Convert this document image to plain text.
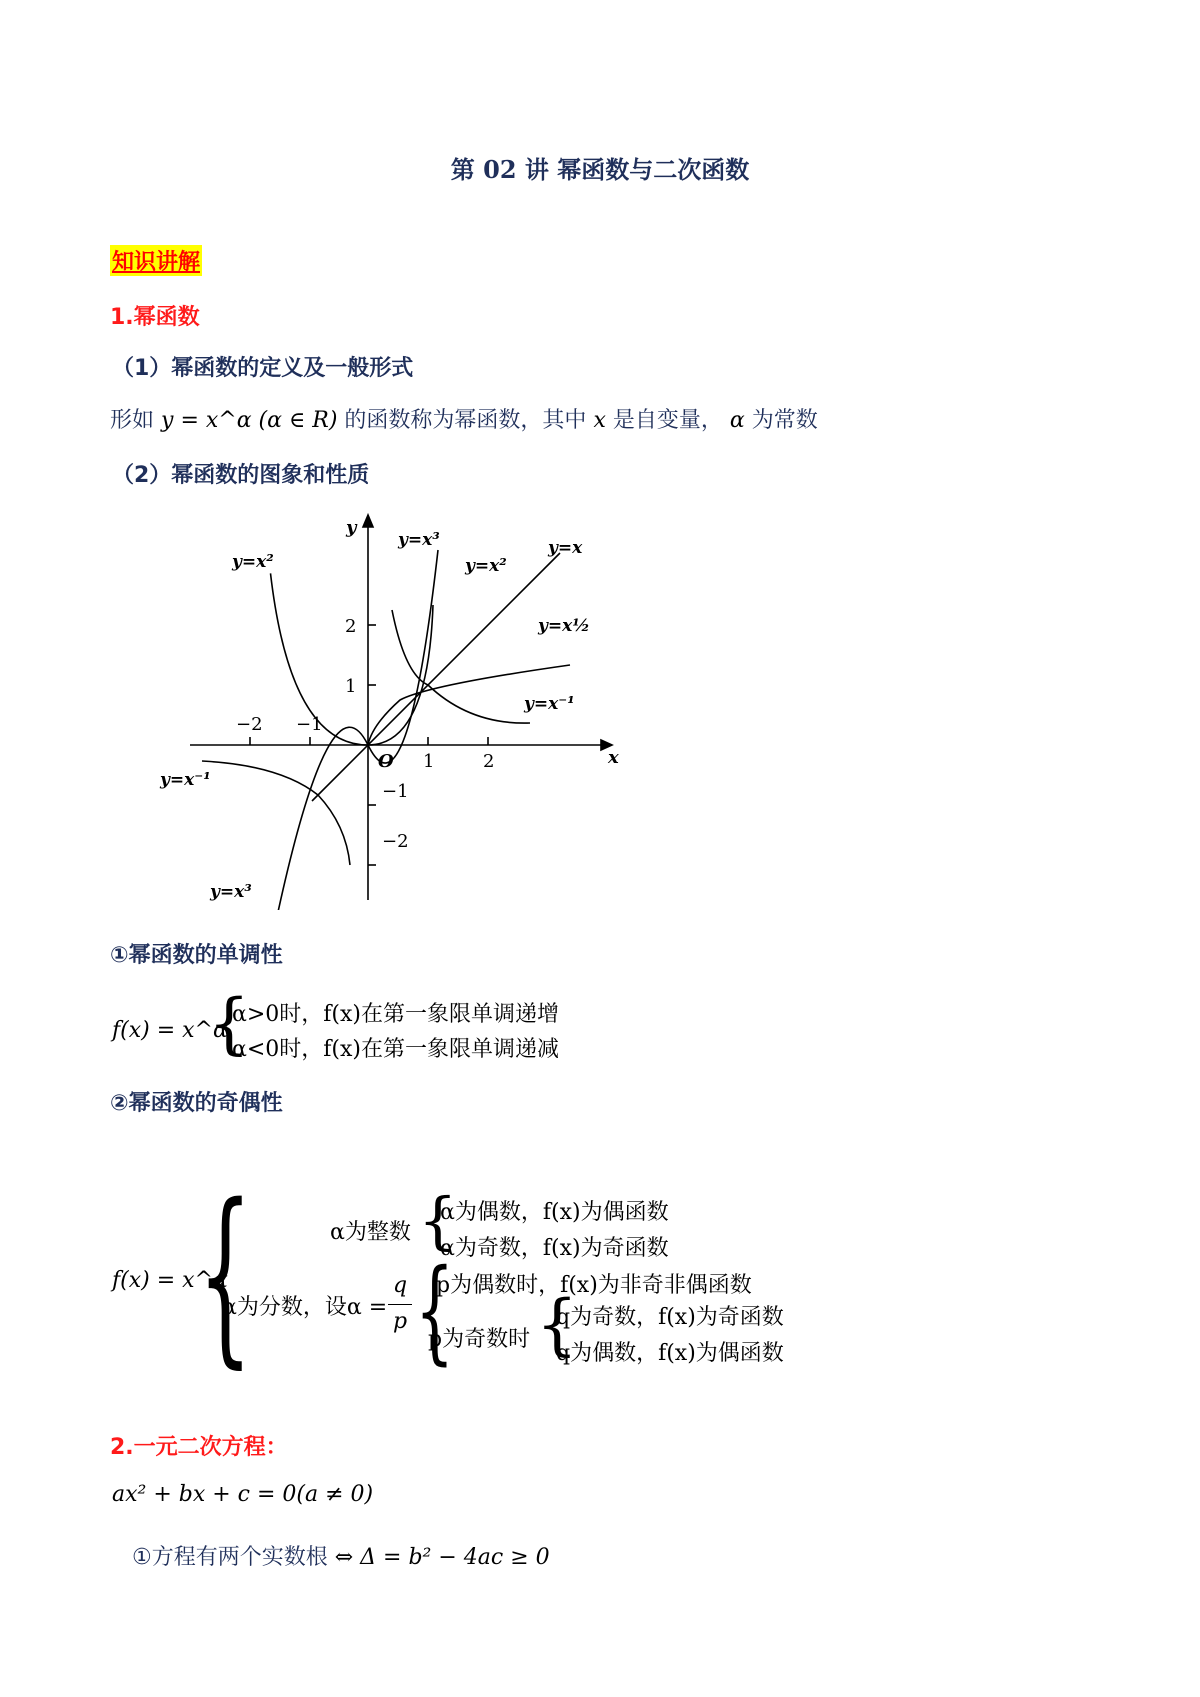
第 02 讲 幂函数与二次函数
知识讲解
1.幂函数
（1）幂函数的定义及一般形式
形如 y = x^α (α ∈ R) 的函数称为幂函数，其中 x 是自变量， α 为常数
（2）幂函数的图象和性质
x
y
O
−2 −1
1	2
2
1
−1
−2
y=x²
y=x³
y=x²
y=x
y=x½
y=x⁻¹
y=x⁻¹
y=x³
①幂函数的单调性
f(x) = x^α
{
α>0时，f(x)在第一象限单调递增
α<0时，f(x)在第一象限单调递减
②幂函数的奇偶性
f(x) = x^α
{	α为整数 {
α为偶数，f(x)为偶函数
α为奇数，f(x)为奇函数
α为分数，设α =
q
p {
p为偶数时，f(x)为非奇非偶函数
p为奇数时 {
q为奇数，f(x)为奇函数
q为偶数，f(x)为偶函数
2.一元二次方程：
ax² + bx + c = 0(a ≠ 0)
①方程有两个实数根 ⇔ Δ = b² − 4ac ≥ 0
